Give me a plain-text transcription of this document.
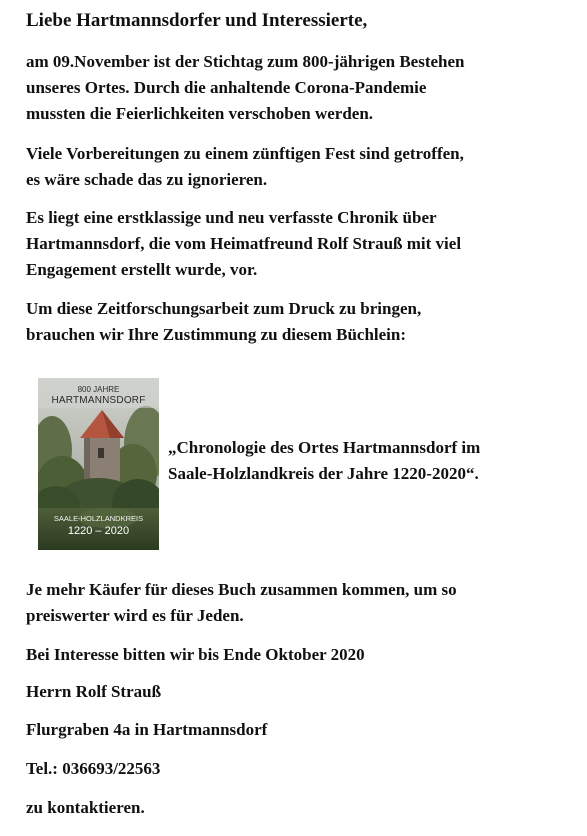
Liebe Hartmannsdorfer und Interessierte,

am 09.November ist der Stichtag zum 800-jährigen Bestehen

unseres Ortes. Durch die anhaltende Corona-Pandemie

mussten die Feierlichkeiten verschoben werden.

Viele Vorbereitungen zu einem zünftigen Fest sind getroffen,

es wäre schade das zu ignorieren.

Es liegt eine erstklassige und neu verfasste Chronik über

Hartmannsdorf, die vom Heimatfreund Rolf Strauß mit viel

Engagement erstellt wurde, vor.

Um diese Zeitforschungsarbeit zum Druck zu bringen,

brauchen wir Ihre Zustimmung zu diesem Büchlein:

800 JAHRE
HARTMANNSDORF
SAALE-HOLZLANDKREIS
1220 – 2020

„Chronologie des Ortes Hartmannsdorf im

Saale-Holzlandkreis der Jahre 1220-2020“.

Je mehr Käufer für dieses Buch zusammen kommen, um so

preiswerter wird es für Jeden.

Bei Interesse bitten wir bis Ende Oktober 2020

Herrn Rolf Strauß

Flurgraben 4a in Hartmannsdorf

Tel.: 036693/22563

zu kontaktieren.
